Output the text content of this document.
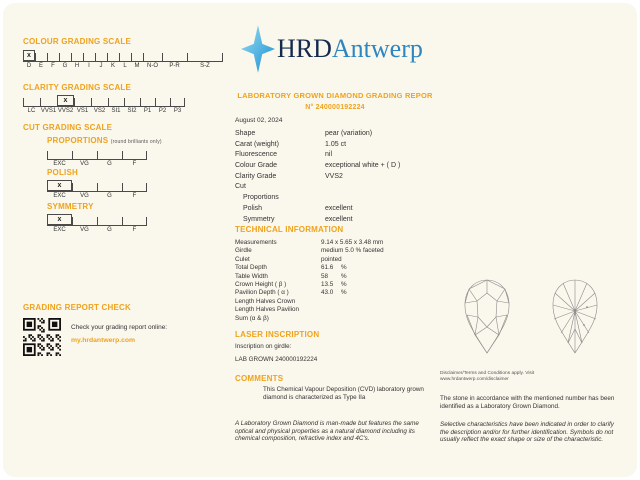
COLOUR GRADING SCALE
x
D	E	F	G	H	I	J	K	L	M	N-O	P-R	S-Z
CLARITY GRADING SCALE
x
LC VVS1 VVS2 VS1 VS2	SI1	SI2	P1	P2	P3
CUT GRADING SCALE
PROPORTIONS (round brilliants only)
EXC	VG	G	F
POLISH
x
EXC	VG	G	F
SYMMETRY
x
EXC	VG	G	F
GRADING REPORT CHECK
Check your grading report online:
my.hrdantwerp.com
HRDAntwerp
LABORATORY GROWN DIAMOND GRADING REPOR
N° 240000192224
August 02, 2024
Shape	pear (variation)
Carat (weight)	1.05 ct
Fluorescence	nil
Colour Grade	exceptional white + ( D )
Clarity Grade	VVS2
Cut
Proportions
Polish	excellent
Symmetry	excellent
TECHNICAL INFORMATION
Measurements	9.14 x 5.65 x 3.48 mm
Girdle	medium 5.0 % faceted
Culet	pointed
Total Depth	61.6 %
Table Width	58 %
Crown Height ( β )	13.5 %
Pavilion Depth ( α )	43.0 %
Length Halves Crown
Length Halves Pavilion
Sum (α & β)
LASER INSCRIPTION
Inscription on girdle:
LAB GROWN 240000192224
COMMENTS
This Chemical Vapour Deposition (CVD) laboratory grown diamond is characterized as Type IIa
A Laboratory Grown Diamond is man-made but features the same optical and physical properties as a natural diamond including its chemical composition, refractive index and 4C's.
Disclaimer/Terms and Conditions apply. Visit
www.hrdantwerp.com/disclaimer
The stone in accordance with the mentioned number has been identified as a Laboratory Grown Diamond.
Selective characteristics have been indicated in order to clarify the description and/or for further identification. Symbols do not usually reflect the exact shape or size of the characteristic.
